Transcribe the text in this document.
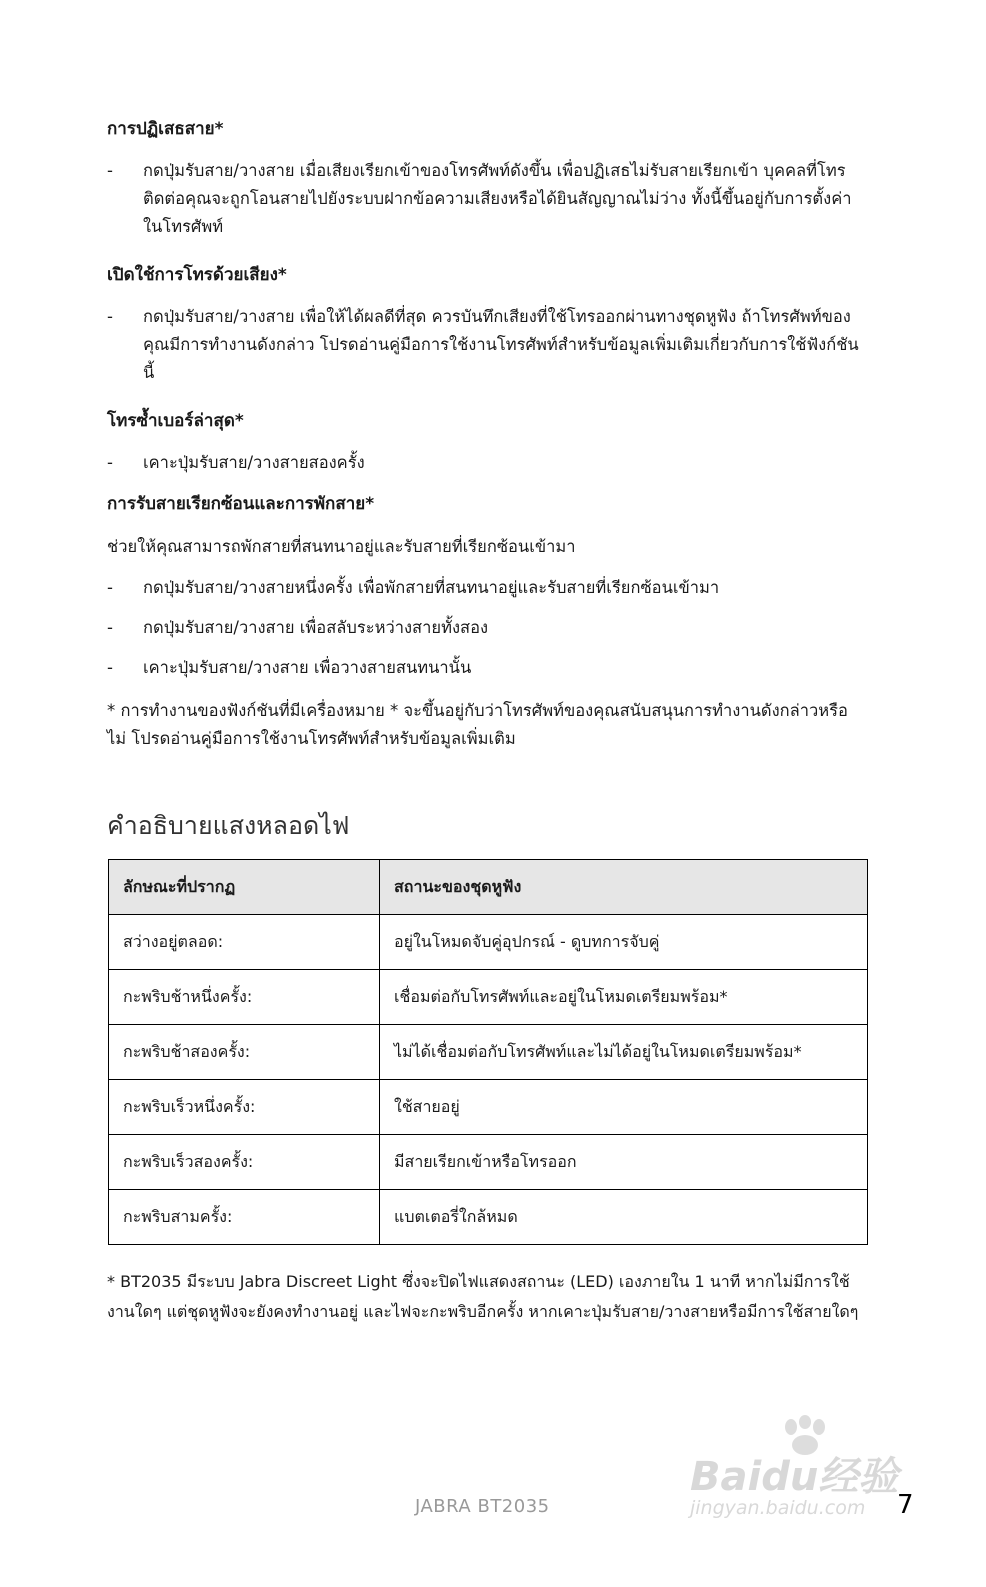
การปฏิเสธสาย*
- กดปุ่มรับสาย/วางสาย เมื่อเสียงเรียกเข้าของโทรศัพท์ดังขึ้น เพื่อปฏิเสธไม่รับสายเรียกเข้า บุคคลที่โทรติดต่อคุณจะถูกโอนสายไปยังระบบฝากข้อความเสียงหรือได้ยินสัญญาณไม่ว่าง ทั้งนี้ขึ้นอยู่กับการตั้งค่าในโทรศัพท์
เปิดใช้การโทรด้วยเสียง*
- กดปุ่มรับสาย/วางสาย เพื่อให้ได้ผลดีที่สุด ควรบันทึกเสียงที่ใช้โทรออกผ่านทางชุดหูฟัง ถ้าโทรศัพท์ของคุณมีการทำงานดังกล่าว โปรดอ่านคู่มือการใช้งานโทรศัพท์สำหรับข้อมูลเพิ่มเติมเกี่ยวกับการใช้ฟังก์ชันนี้
โทรซ้ำเบอร์ล่าสุด*
- เคาะปุ่มรับสาย/วางสายสองครั้ง
การรับสายเรียกซ้อนและการพักสาย*
ช่วยให้คุณสามารถพักสายที่สนทนาอยู่และรับสายที่เรียกซ้อนเข้ามา
- กดปุ่มรับสาย/วางสายหนึ่งครั้ง เพื่อพักสายที่สนทนาอยู่และรับสายที่เรียกซ้อนเข้ามา
- กดปุ่มรับสาย/วางสาย เพื่อสลับระหว่างสายทั้งสอง
- เคาะปุ่มรับสาย/วางสาย เพื่อวางสายสนทนานั้น
* การทำงานของฟังก์ชันที่มีเครื่องหมาย * จะขึ้นอยู่กับว่าโทรศัพท์ของคุณสนับสนุนการทำงานดังกล่าวหรือไม่ โปรดอ่านคู่มือการใช้งานโทรศัพท์สำหรับข้อมูลเพิ่มเติม
คำอธิบายแสงหลอดไฟ
ลักษณะที่ปรากฏ	สถานะของชุดหูฟัง
สว่างอยู่ตลอด:	อยู่ในโหมดจับคู่อุปกรณ์ - ดูบทการจับคู่
กะพริบช้าหนึ่งครั้ง:	เชื่อมต่อกับโทรศัพท์และอยู่ในโหมดเตรียมพร้อม*
กะพริบช้าสองครั้ง:	ไม่ได้เชื่อมต่อกับโทรศัพท์และไม่ได้อยู่ในโหมดเตรียมพร้อม*
กะพริบเร็วหนึ่งครั้ง:	ใช้สายอยู่
กะพริบเร็วสองครั้ง:	มีสายเรียกเข้าหรือโทรออก
กะพริบสามครั้ง:	แบตเตอรี่ใกล้หมด
* BT2035 มีระบบ Jabra Discreet Light ซึ่งจะปิดไฟแสดงสถานะ (LED) เองภายใน 1 นาที หากไม่มีการใช้งานใดๆ แต่ชุดหูฟังจะยังคงทำงานอยู่ และไฟจะกะพริบอีกครั้ง หากเคาะปุ่มรับสาย/วางสายหรือมีการใช้สายใดๆ
Baidu经验
jingyan.baidu.com
JABRA BT2035	7
